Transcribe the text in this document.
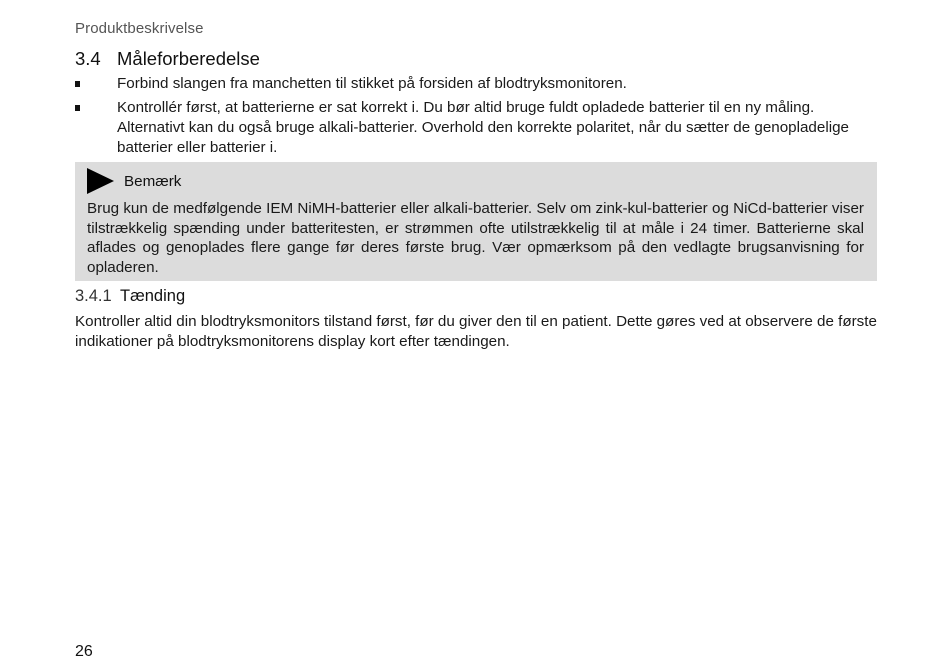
Produktbeskrivelse
3.4 Måleforberedelse
Forbind slangen fra manchetten til stikket på forsiden af blodtryksmonitoren.
Kontrollér først, at batterierne er sat korrekt i. Du bør altid bruge fuldt opladede batterier til en ny måling. Alternativt kan du også bruge alkali-batterier. Overhold den korrekte polaritet, når du sætter de genopladelige batterier eller batterier i.
Bemærk

Brug kun de medfølgende IEM NiMH-batterier eller alkali-batterier. Selv om zink-kul-batterier og NiCd-batterier viser tilstrækkelig spænding under batteritesten, er strømmen ofte utilstrækkelig til at måle i 24 timer. Batterierne skal aflades og genoplades flere gange før deres første brug. Vær opmærksom på den vedlagte brugsanvisning for opladeren.

3.4.1 Tænding

Kontroller altid din blodtryksmonitors tilstand først, før du giver den til en patient. Dette gøres ved at observere de første indikationer på blodtryksmonitorens display kort efter tændingen.

26
